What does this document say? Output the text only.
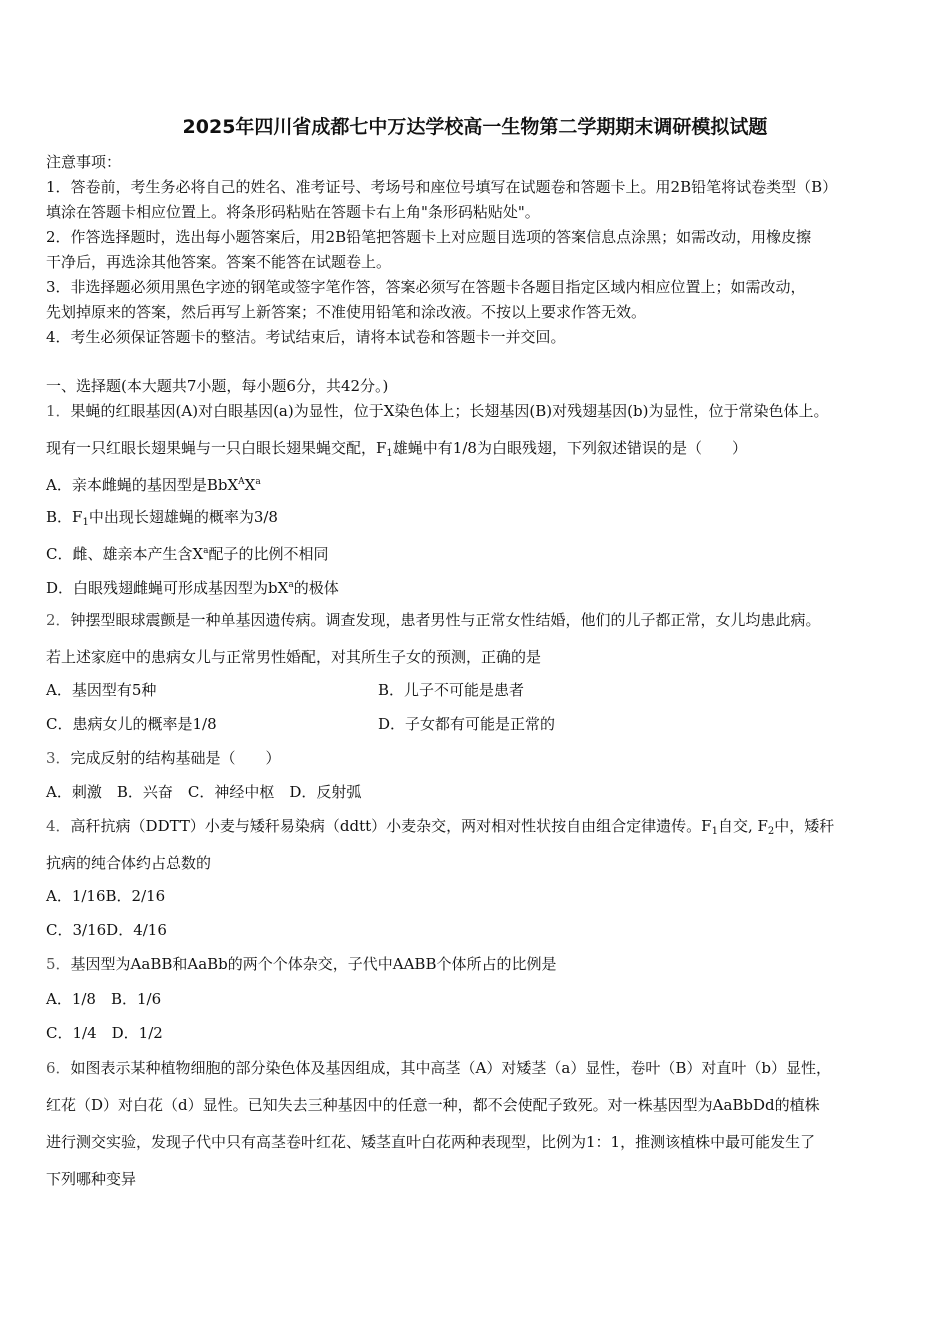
2025年四川省成都七中万达学校高一生物第二学期期末调研模拟试题
注意事项：
1．答卷前，考生务必将自己的姓名、准考证号、考场号和座位号填写在试题卷和答题卡上。用2B铅笔将试卷类型（B）
填涂在答题卡相应位置上。将条形码粘贴在答题卡右上角"条形码粘贴处"。
2．作答选择题时，选出每小题答案后，用2B铅笔把答题卡上对应题目选项的答案信息点涂黑；如需改动，用橡皮擦
干净后，再选涂其他答案。答案不能答在试题卷上。
3．非选择题必须用黑色字迹的钢笔或签字笔作答，答案必须写在答题卡各题目指定区域内相应位置上；如需改动，
先划掉原来的答案，然后再写上新答案；不准使用铅笔和涂改液。不按以上要求作答无效。
4．考生必须保证答题卡的整洁。考试结束后，请将本试卷和答题卡一并交回。
一、选择题(本大题共7小题，每小题6分，共42分。)
1．果蝇的红眼基因(A)对白眼基因(a)为显性，位于X染色体上；长翅基因(B)对残翅基因(b)为显性，位于常染色体上。
现有一只红眼长翅果蝇与一只白眼长翅果蝇交配，$F_1$雄蝇中有1/8为白眼残翅，下列叙述错误的是（　　）
A．亲本雌蝇的基因型是$BbX^AX^a$
B．$F_1$中出现长翅雄蝇的概率为3/8
C．雌、雄亲本产生含$X^a$配子的比例不相同
D．白眼残翅雌蝇可形成基因型为$bX^a$的极体
2．钟摆型眼球震颤是一种单基因遗传病。调查发现，患者男性与正常女性结婚，他们的儿子都正常，女儿均患此病。
若上述家庭中的患病女儿与正常男性婚配，对其所生子女的预测，正确的是
A．基因型有5种	B．儿子不可能是患者
C．患病女儿的概率是1/8	D．子女都有可能是正常的
3．完成反射的结构基础是（　　）
A．刺激　B．兴奋　C．神经中枢　D．反射弧
4．高秆抗病（DDTT）小麦与矮秆易染病（ddtt）小麦杂交，两对相对性状按自由组合定律遗传。$F_1$自交, $F_2$中，矮秆
抗病的纯合体约占总数的
A．1/16B．2/16
C．3/16D．4/16
5．基因型为AaBB和AaBb的两个个体杂交，子代中AABB个体所占的比例是
A．1/8　B．1/6
C．1/4　D．1/2
6．如图表示某种植物细胞的部分染色体及基因组成，其中高茎（A）对矮茎（a）显性，卷叶（B）对直叶（b）显性，
红花（D）对白花（d）显性。已知失去三种基因中的任意一种，都不会使配子致死。对一株基因型为AaBbDd的植株
进行测交实验，发现子代中只有高茎卷叶红花、矮茎直叶白花两种表现型，比例为1：1，推测该植株中最可能发生了
下列哪种变异
